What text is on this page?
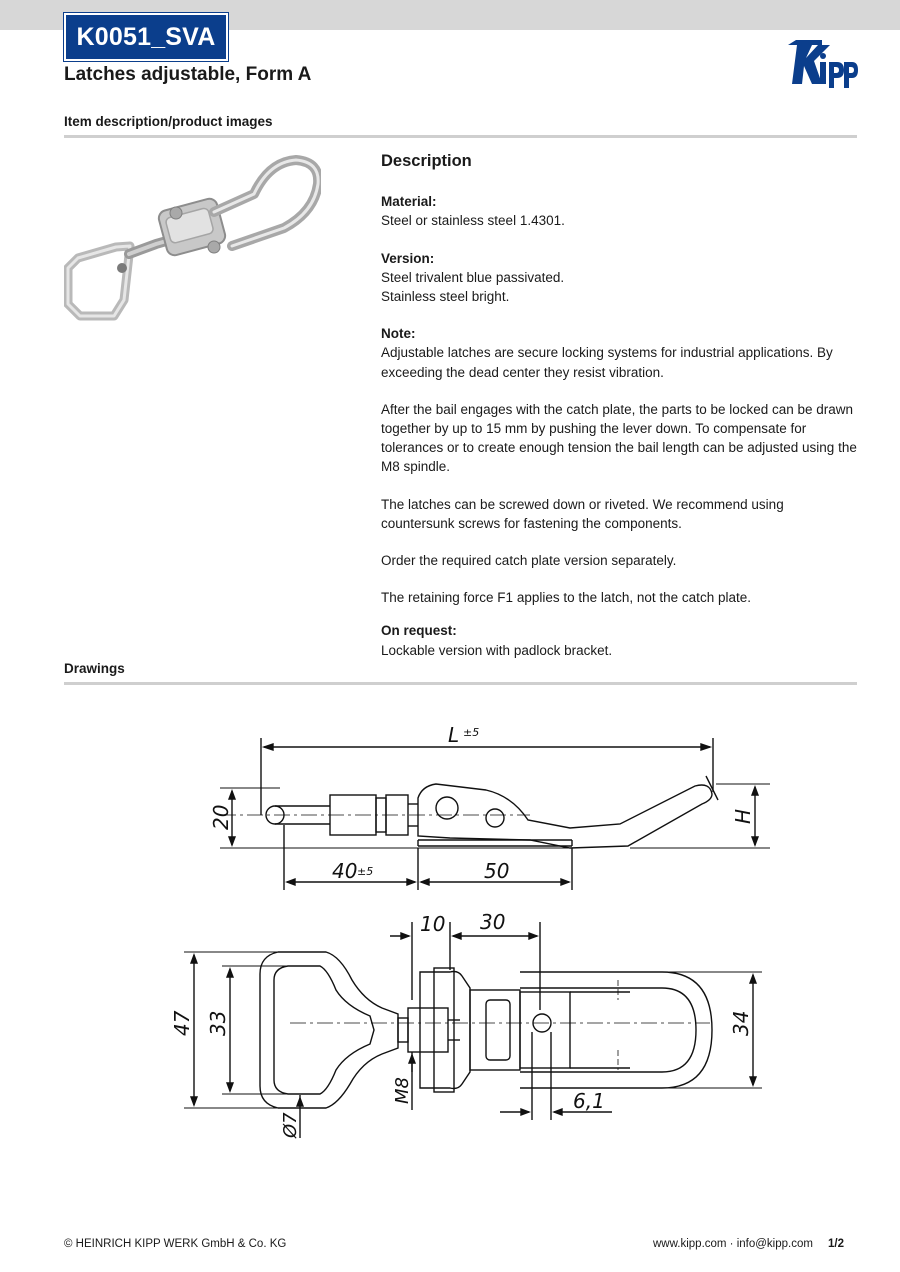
K0051_SVA
Latches adjustable, Form A
Kipp
Item description/product images
Description

Material:
Steel or stainless steel 1.4301.

Version:
Steel trivalent blue passivated.
Stainless steel bright.

Note:
Adjustable latches are secure locking systems for industrial applications. By exceeding the dead center they resist vibration.

After the bail engages with the catch plate, the parts to be locked can be drawn together by up to 15 mm by pushing the lever down. To compensate for tolerances or to create enough tension the bail length can be adjusted using the M8 spindle.

The latches can be screwed down or riveted. We recommend using countersunk screws for fastening the components.

Order the required catch plate version separately.

The retaining force F1 applies to the latch, not the catch plate.

On request:
Lockable version with padlock bracket.

Drawings
L ±5
H
20
40 ±5	50
10 30
47 33	34
M8
Ø7
6,1
© HEINRICH KIPP WERK GmbH & Co. KG	www.kipp.com · info@kipp.com 1/2
